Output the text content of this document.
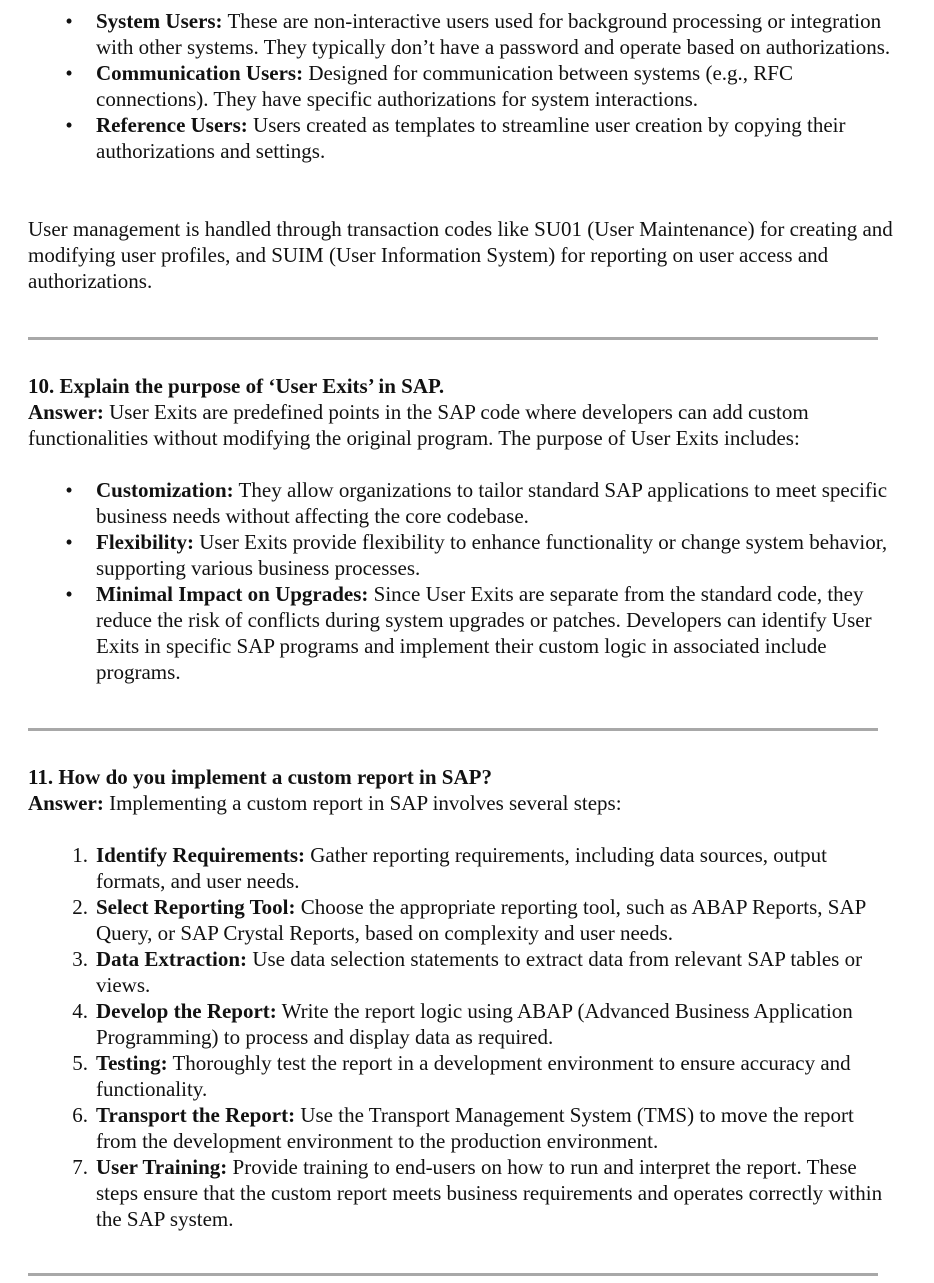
• System Users: These are non-interactive users used for background processing or integration with other systems. They typically don’t have a password and operate based on authorizations.
• Communication Users: Designed for communication between systems (e.g., RFC connections). They have specific authorizations for system interactions.
• Reference Users: Users created as templates to streamline user creation by copying their authorizations and settings.

User management is handled through transaction codes like SU01 (User Maintenance) for creating and modifying user profiles, and SUIM (User Information System) for reporting on user access and authorizations.

10. Explain the purpose of ‘User Exits’ in SAP.
Answer: User Exits are predefined points in the SAP code where developers can add custom functionalities without modifying the original program. The purpose of User Exits includes:

• Customization: They allow organizations to tailor standard SAP applications to meet specific business needs without affecting the core codebase.
• Flexibility: User Exits provide flexibility to enhance functionality or change system behavior, supporting various business processes.
• Minimal Impact on Upgrades: Since User Exits are separate from the standard code, they reduce the risk of conflicts during system upgrades or patches. Developers can identify User Exits in specific SAP programs and implement their custom logic in associated include programs.

11. How do you implement a custom report in SAP?
Answer: Implementing a custom report in SAP involves several steps:

1. Identify Requirements: Gather reporting requirements, including data sources, output formats, and user needs.
2. Select Reporting Tool: Choose the appropriate reporting tool, such as ABAP Reports, SAP Query, or SAP Crystal Reports, based on complexity and user needs.
3. Data Extraction: Use data selection statements to extract data from relevant SAP tables or views.
4. Develop the Report: Write the report logic using ABAP (Advanced Business Application Programming) to process and display data as required.
5. Testing: Thoroughly test the report in a development environment to ensure accuracy and functionality.
6. Transport the Report: Use the Transport Management System (TMS) to move the report from the development environment to the production environment.
7. User Training: Provide training to end-users on how to run and interpret the report. These steps ensure that the custom report meets business requirements and operates correctly within the SAP system.
